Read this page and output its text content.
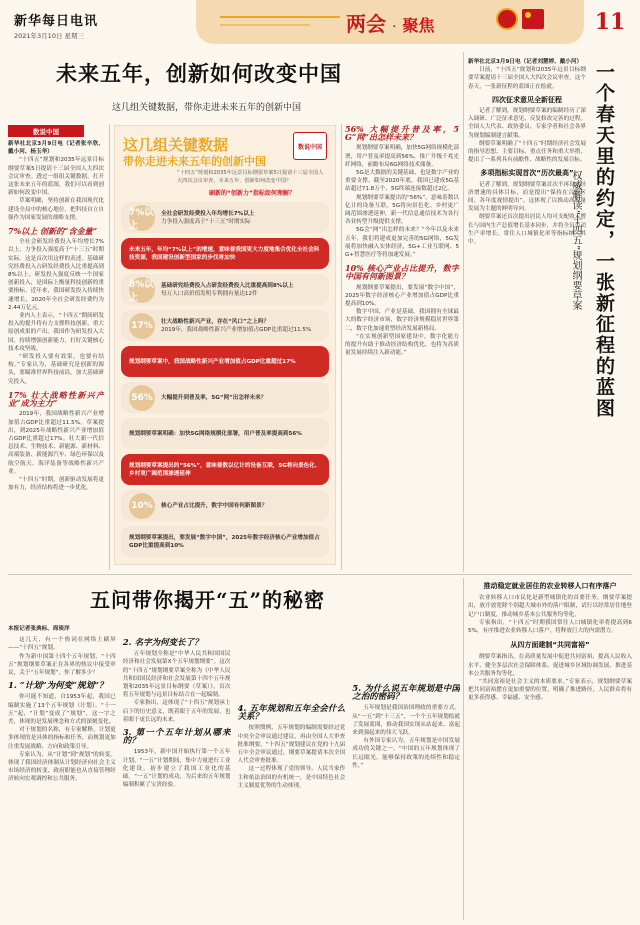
新华每日电讯
2021年3月10日 星期三	两会 · 聚焦	11
未来五年，创新如何改变中国
这几组关键数据，带你走进未来五年的创新中国
数说中国

新华社北京3月9日电（记者张辛欣、戴小河、杨玉华）

“十四五”规划和2035年远景目标纲要草案5日提请十三届全国人大四次会议审查。透过一组组关键数据，打开这张未来五年的蓝图，我们可以看到创新如何改变中国。

草案明确，坚持创新在我国现代化建设全局中的核心地位，把科技自立自强作为国家发展的战略支撑。

7%以上 创新的“含金量”

全社会研发经费投入年均增长7%以上、力争投入强度高于“十三五”时期实际。这是首次用这样的表述。基础研究经费投入占研发经费投入比重提高到8%以上。研发投入强度反映一个国家创新投入，是国际上衡量科技创新的重要指标。近年来，我国研发投入持续快速增长，2020年全社会研发经费约为2.44万亿元。

业内人士表示，“十四五”期间研发投入的提升将有力支撑科技创新、重大原创成果的产出。我国作为研发投入大国，持续增强创新能力，打好关键核心技术攻坚战。

“研发投入要有效果，也要有结构。”专家认为，基础研究是创新的源头，要瞄准世界科技前沿，加大基础研究投入。

17% 壮大战略性新兴产业“成为主力”

2019年，我国战略性新兴产业增加值占GDP比重超过11.5%。草案提出，到2025年战略性新兴产业增加值占GDP比重超过17%。壮大新一代信息技术、生物技术、新能源、新材料、高端装备、新能源汽车、绿色环保以及航空航天、海洋装备等战略性新兴产业。

“十四五”时期，创新驱动发展将更加有力，经济结构将进一步优化。

这几组关键数据
带你走进未来五年的创新中国
数说中国
“十四五”规划和2035年远景目标纲要草案5日提请十三届全国人大四次会议审查，未来五年，创新如何改变中国？
刷新的“创新力”指标如何理解？
7%以上
全社会研发经费投入年均增长7%以上
力争投入强度高于“十三五”时期实际
未来五年，年均“7%以上”的增速，意味着我国更大力度地集合优化全社会科技资源，我国建设创新型国家的步伐将加快
8%以上
基础研究经费投入占研发经费投入比重提高到8%以上
每万人口高价值发明专利拥有量达12件
17%	壮大战略性新兴产业，存在“风口”之上吗？
2019年，我国战略性新兴产业增加值占GDP比重超过11.5%
规划纲要草案中，我国战略性新兴产业增加值占GDP比重超过17%
56%	大幅提升到普及率，5G“网”出怎样未来？
规划纲要草案明确：加快5G网络规模化部署，用户普及率提高到56%
规划纲要草案提出的“56%”，意味着数以亿计的设备互联，5G将向景色化、乡村更广阔范围渗透延伸
10%	核心产业占比提升，数字中国有何新图景？
规划纲要草案提出，要发展“数字中国”，2025年数字经济核心产业增加值占GDP比重提高到10%

56% 大幅提升普及率，5G“网”出怎样未来？

规划纲要草案明确，加快5G网络规模化部署，用户普及率提高到56%，推广升级千兆光纤网络，前瞻布局6G网络技术储备。

5G是大数据的关键基础，也是数字产业的重要支撑。截至2020年底，我国已建成5G基站超过71.8万个，5G终端连接数超过2亿。

规划纲要草案提出的“56%”，意味着数以亿计的设备互联，5G将向景色化、乡村更广阔范围渗透延伸，新一代信息通信技术为各行各业转型升级提供支撑。

5G会“网”出怎样的未来？“今年以及未来五年，我们将建成更加完善的5G网络，5G发展将加快融入实体经济，5G+工业互联网、5G+智慧医疗等将加速发展。”

10% 核心产业占比提升，数字中国有何新图景？

规划纲要草案提出，要发展“数字中国”，2025年数字经济核心产业增加值占GDP比重提高到10%。

数字中国，产业是基础。我国拥有全球最大的数字经济市场，数字经济规模稳居世界第二，数字化加速重塑经济发展新格局。

“在实现创新型国家建设中，数字化能力的提升有助于推动经济结构优化，也将为高质量发展持续注入新动能。”

新华社北京3月9日电（记者刘慧婷、戴小河）

日前，“十四五”规划和2035年远景目标纲要草案提请十三届全国人大四次会议审查。这个春天，一张新征程的蓝图正在绘就。

四次征求意见全新征程

记者了解到，规划纲要草案的编制经历了深入调研、广泛征求意见、反复修改完善的过程。全国人大代表、政协委员、专家学者和社会各界为规划编制建言献策。

纲要草案明确了“十四五”时期经济社会发展的指导思想、主要目标、重点任务和重大举措，提出了一系列具有前瞻性、战略性的发展目标。

多项指标实现首次“历次最高”

记者了解到，规划纲要草案首次不再设定经济增速的具体目标，而是提出“保持在合理区间、各年度视情提出”。这体现了以推动高质量发展为主题的鲜明导向。

纲要草案还首次提出居民人均可支配收入增长与国内生产总值增长基本同步，并将全员劳动生产率增长、常住人口城镇化率等指标纳入其中。	一个春天里的约定，一张新征程的蓝图
权威解读“十四五”规划纲要草案
五问带你揭开“五”的秘密

本报记者张典标、周琰洋

这几天，有一个热词在网络上刷屏——“十四五”规划。

作为新中国第十四个五年规划，“十四五”规划纲要草案正在各界的热议中接受审议，关于“五年规划”，你了解多少？

1. “计划”为何变“规划”？

你可能不知道，自1953年起，我国已编制实施了13个五年规划（计划）。“十一五”起，“计划”变成了“规划”，这一字之差，体现的是发展理念和方式的深刻变化。

对于规划的名称，有专家解释，计划更多体现的是具体的指标和任务，而规划更加注重发展战略、方向和政策引导。

专家认为，从“计划”到“规划”的转变，体现了我国经济体制从计划经济向社会主义市场经济的转变，政府职能也从直接管理经济转向宏观调控和公共服务。

2. 名字为何变长了？

五年规划全称是“中华人民共和国国民经济和社会发展第X个五年规划纲要”。这次的“十四五”规划纲要草案全称为《中华人民共和国国民经济和社会发展第十四个五年规划和2035年远景目标纲要（草案）》，首次将五年规划与远景目标结合在一起编制。

专家指出，这体现了“十四五”规划承上启下的历史意义，既着眼于五年的发展，也着眼于更长远的未来。

3. 第一个五年计划从哪来的？

1953年，新中国开始执行第一个五年计划。“一五”计划期间，集中力量进行工业化建设，初步建立了我国工业化的基础。“一五”计划的成功，为后来的五年规划编制积累了宝贵经验。

4. 五年规划和五年全会什么关系？

按照惯例，五年规划的编制需要经过党中央全会审议通过建议，再由全国人大审查批准纲要。“十四五”规划建议在党的十九届五中全会审议通过，纲要草案提请本次全国人代会审查批准。

这一过程体现了党的领导、人民当家作主和依法治国的有机统一，是中国特色社会主义制度优势的生动体现。

5. 为什么说五年规划是中国之治的密码？

五年规划是我国治国理政的重要方式。从“一五”到“十三五”，一个个五年规划绘就了发展蓝图，推动我国实现从站起来、富起来到强起来的伟大飞跃。

有外国专家认为，五年规划是中国发展成功的关键之一。“中国的五年规划体现了长远眼光，能够保持政策的连续性和稳定性。”

推动稳定就业居住的农业转移人口有序落户

农业转移人口市民化是新型城镇化的首要任务。纲要草案提出，放开放宽除个别超大城市外的落户限制，试行以经常居住地登记户口制度，推动城乡基本公共服务均等化。

专家指出，“十四五”时期我国常住人口城镇化率将提高到65%，有序推进农业转移人口落户，将释放巨大的内需潜力。

从四方面建制“共同富裕”

纲要草案指出，在高质量发展中促进共同富裕，提高人民收入水平、健全多层次社会保障体系、促进城乡区域协调发展、推进基本公共服务均等化。

“共同富裕是社会主义的本质要求。”专家表示，规划纲要草案把共同富裕摆在更加重要的位置，明确了推进路径，人民群众将有更多获得感、幸福感、安全感。
